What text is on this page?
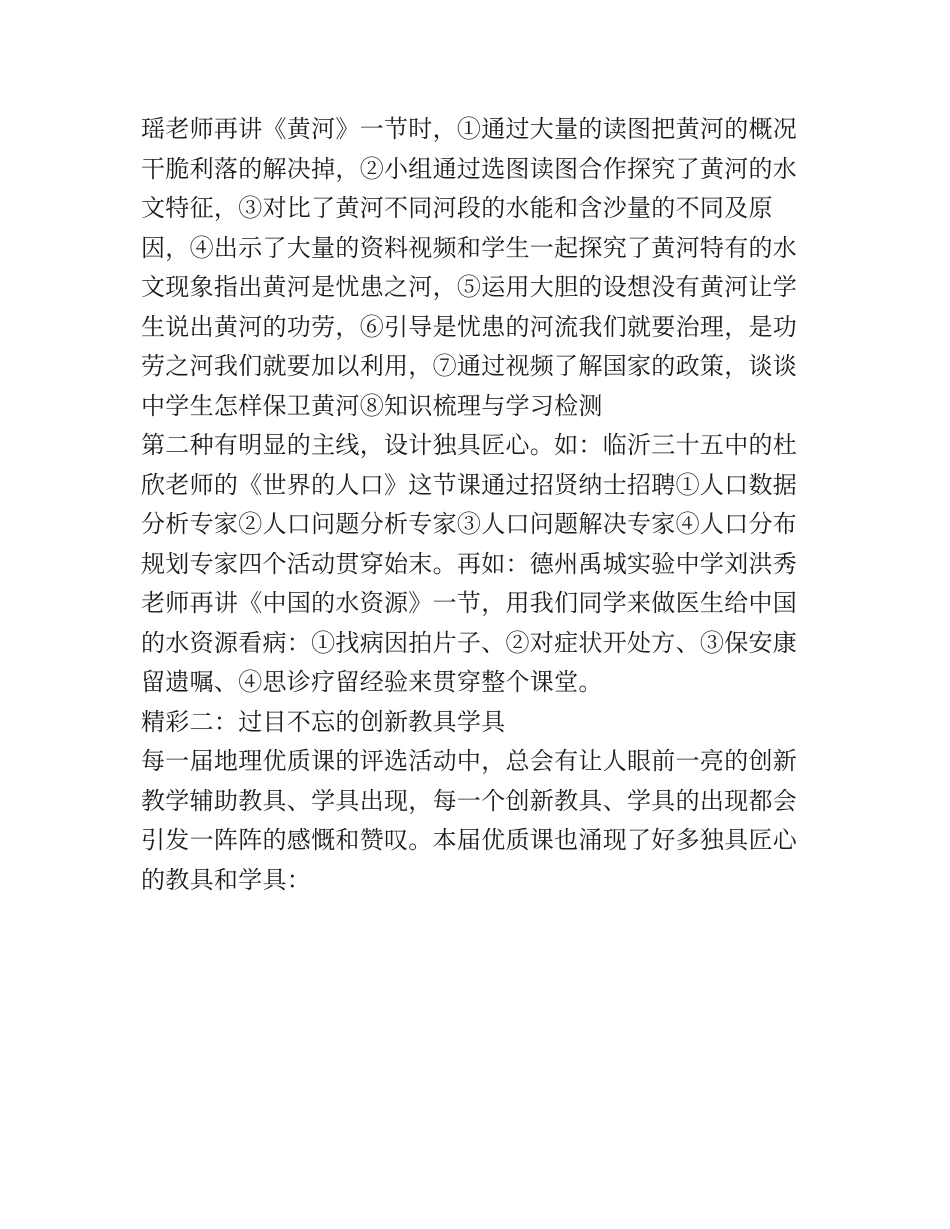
瑶老师再讲《黄河》一节时，①通过大量的读图把黄河的概况
干脆利落的解决掉，②小组通过选图读图合作探究了黄河的水
文特征，③对比了黄河不同河段的水能和含沙量的不同及原
因，④出示了大量的资料视频和学生一起探究了黄河特有的水
文现象指出黄河是忧患之河，⑤运用大胆的设想没有黄河让学
生说出黄河的功劳，⑥引导是忧患的河流我们就要治理，是功
劳之河我们就要加以利用，⑦通过视频了解国家的政策，谈谈
中学生怎样保卫黄河⑧知识梳理与学习检测
第二种有明显的主线，设计独具匠心。如：临沂三十五中的杜
欣老师的《世界的人口》这节课通过招贤纳士招聘①人口数据
分析专家②人口问题分析专家③人口问题解决专家④人口分布
规划专家四个活动贯穿始末。再如：德州禹城实验中学刘洪秀
老师再讲《中国的水资源》一节，用我们同学来做医生给中国
的水资源看病：①找病因拍片子、②对症状开处方、③保安康
留遗嘱、④思诊疗留经验来贯穿整个课堂。
精彩二：过目不忘的创新教具学具
每一届地理优质课的评选活动中，总会有让人眼前一亮的创新
教学辅助教具、学具出现，每一个创新教具、学具的出现都会
引发一阵阵的感慨和赞叹。本届优质课也涌现了好多独具匠心
的教具和学具：
